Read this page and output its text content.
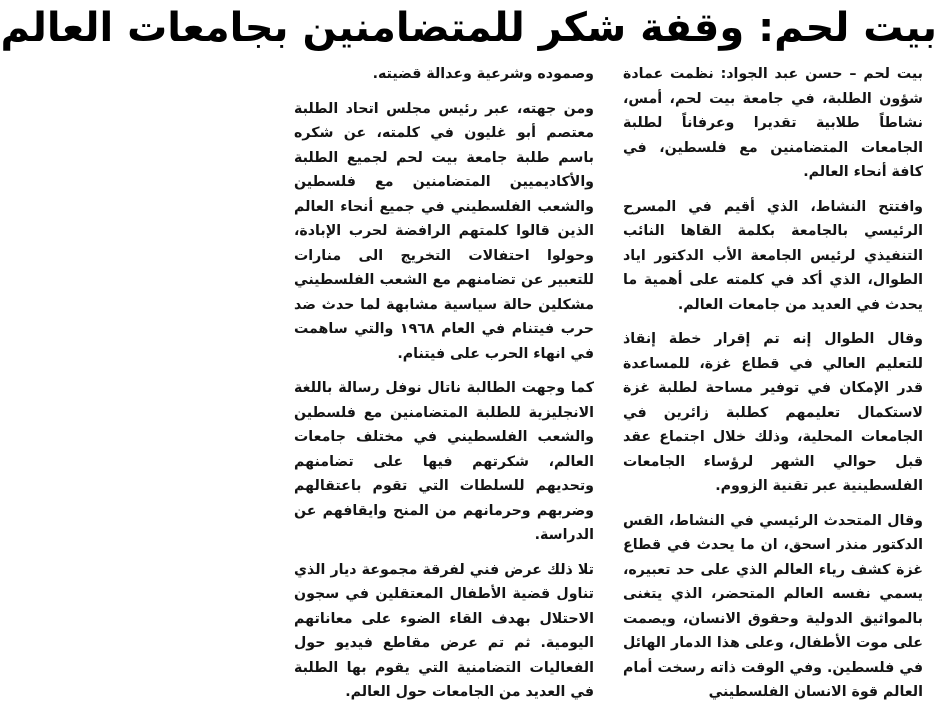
بيت لحم: وقفة شكر للمتضامنين بجامعات العالم

بيت لحم – حسن عبد الجواد: نظمت عمادة شؤون الطلبة، في جامعة بيت لحم، أمس، نشاطاً طلابية تقديرا وعرفاناً لطلبة الجامعات المتضامنين مع فلسطين، في كافة أنحاء العالم.

وافتتح النشاط، الذي أقيم في المسرح الرئيسي بالجامعة بكلمة القاها النائب التنفيذي لرئيس الجامعة الأب الدكتور اياد الطوال، الذي أكد في كلمته على أهمية ما يحدث في العديد من جامعات العالم.

وقال الطوال إنه تم إقرار خطة إنقاذ للتعليم العالي في قطاع غزة، للمساعدة قدر الإمكان في توفير مساحة لطلبة غزة لاستكمال تعليمهم كطلبة زائرين في الجامعات المحلية، وذلك خلال اجتماع عقد قبل حوالي الشهر لرؤساء الجامعات الفلسطينية عبر تقنية الزووم.

وقال المتحدث الرئيسي في النشاط، القس الدكتور منذر اسحق، ان ما يحدث في قطاع غزة كشف رياء العالم الذي على حد تعبيره، يسمي نفسه العالم المتحضر، الذي يتغنى بالمواثيق الدولية وحقوق الانسان، ويصمت على موت الأطفال، وعلى هذا الدمار الهائل في فلسطين. وفي الوقت ذاته رسخت أمام العالم قوة الانسان الفلسطيني

وصموده وشرعية وعدالة قضيته.

ومن جهته، عبر رئيس مجلس اتحاد الطلبة معتصم أبو غليون في كلمته، عن شكره باسم طلبة جامعة بيت لحم لجميع الطلبة والأكاديميين المتضامنين مع فلسطين والشعب الفلسطيني في جميع أنحاء العالم الذين قالوا كلمتهم الرافضة لحرب الإبادة، وحولوا احتفالات التخريج الى منارات للتعبير عن تضامنهم مع الشعب الفلسطيني مشكلين حالة سياسية مشابهة لما حدث ضد حرب فيتنام في العام ١٩٦٨ والتي ساهمت في انهاء الحرب على فيتنام.

كما وجهت الطالبة ناتال نوفل رسالة باللغة الانجليزية للطلبة المتضامنين مع فلسطين والشعب الفلسطيني في مختلف جامعات العالم، شكرتهم فيها على تضامنهم وتحديهم للسلطات التي تقوم باعتقالهم وضربهم وحرمانهم من المنح وايقافهم عن الدراسة.

تلا ذلك عرض فني لفرقة مجموعة ديار الذي تناول قضية الأطفال المعتقلين في سجون الاحتلال بهدف القاء الضوء على معاناتهم اليومية. ثم تم عرض مقاطع فيديو حول الفعاليات التضامنية التي يقوم بها الطلبة في العديد من الجامعات حول العالم.
